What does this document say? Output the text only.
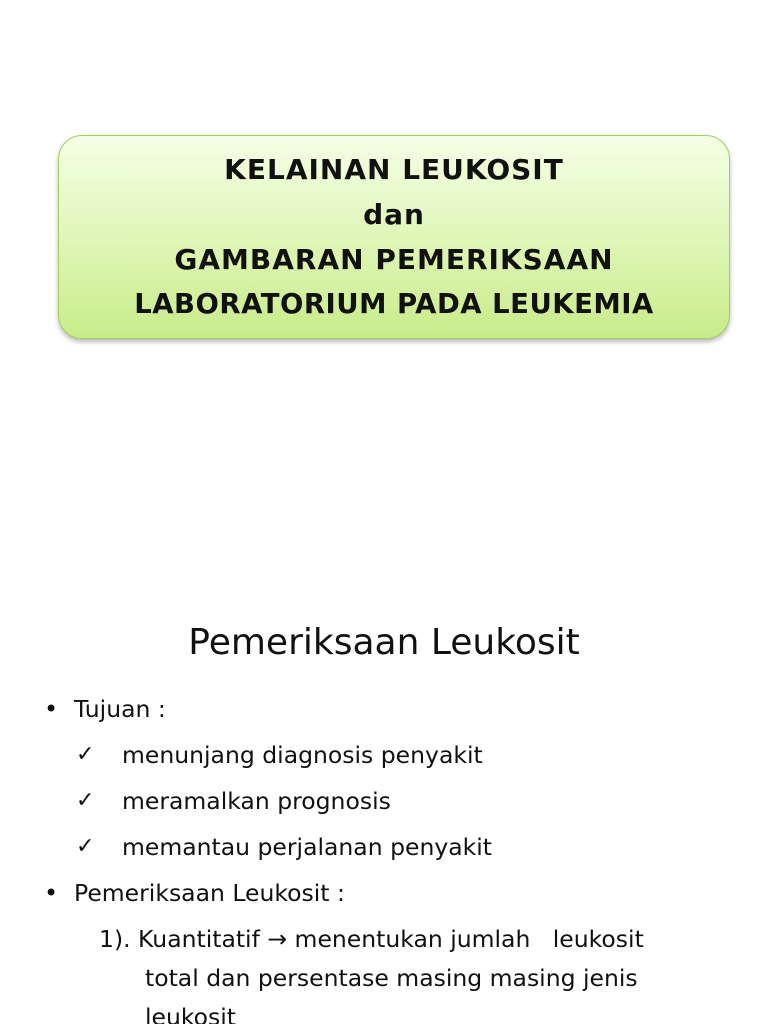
KELAINAN LEUKOSIT
dan
GAMBARAN PEMERIKSAAN
LABORATORIUM PADA LEUKEMIA
Pemeriksaan Leukosit
• Tujuan :
✓ menunjang diagnosis penyakit
✓ meramalkan prognosis
✓ memantau perjalanan penyakit
• Pemeriksaan Leukosit :
1). Kuantitatif → menentukan jumlah   leukosit
total dan persentase masing masing jenis
leukosit
